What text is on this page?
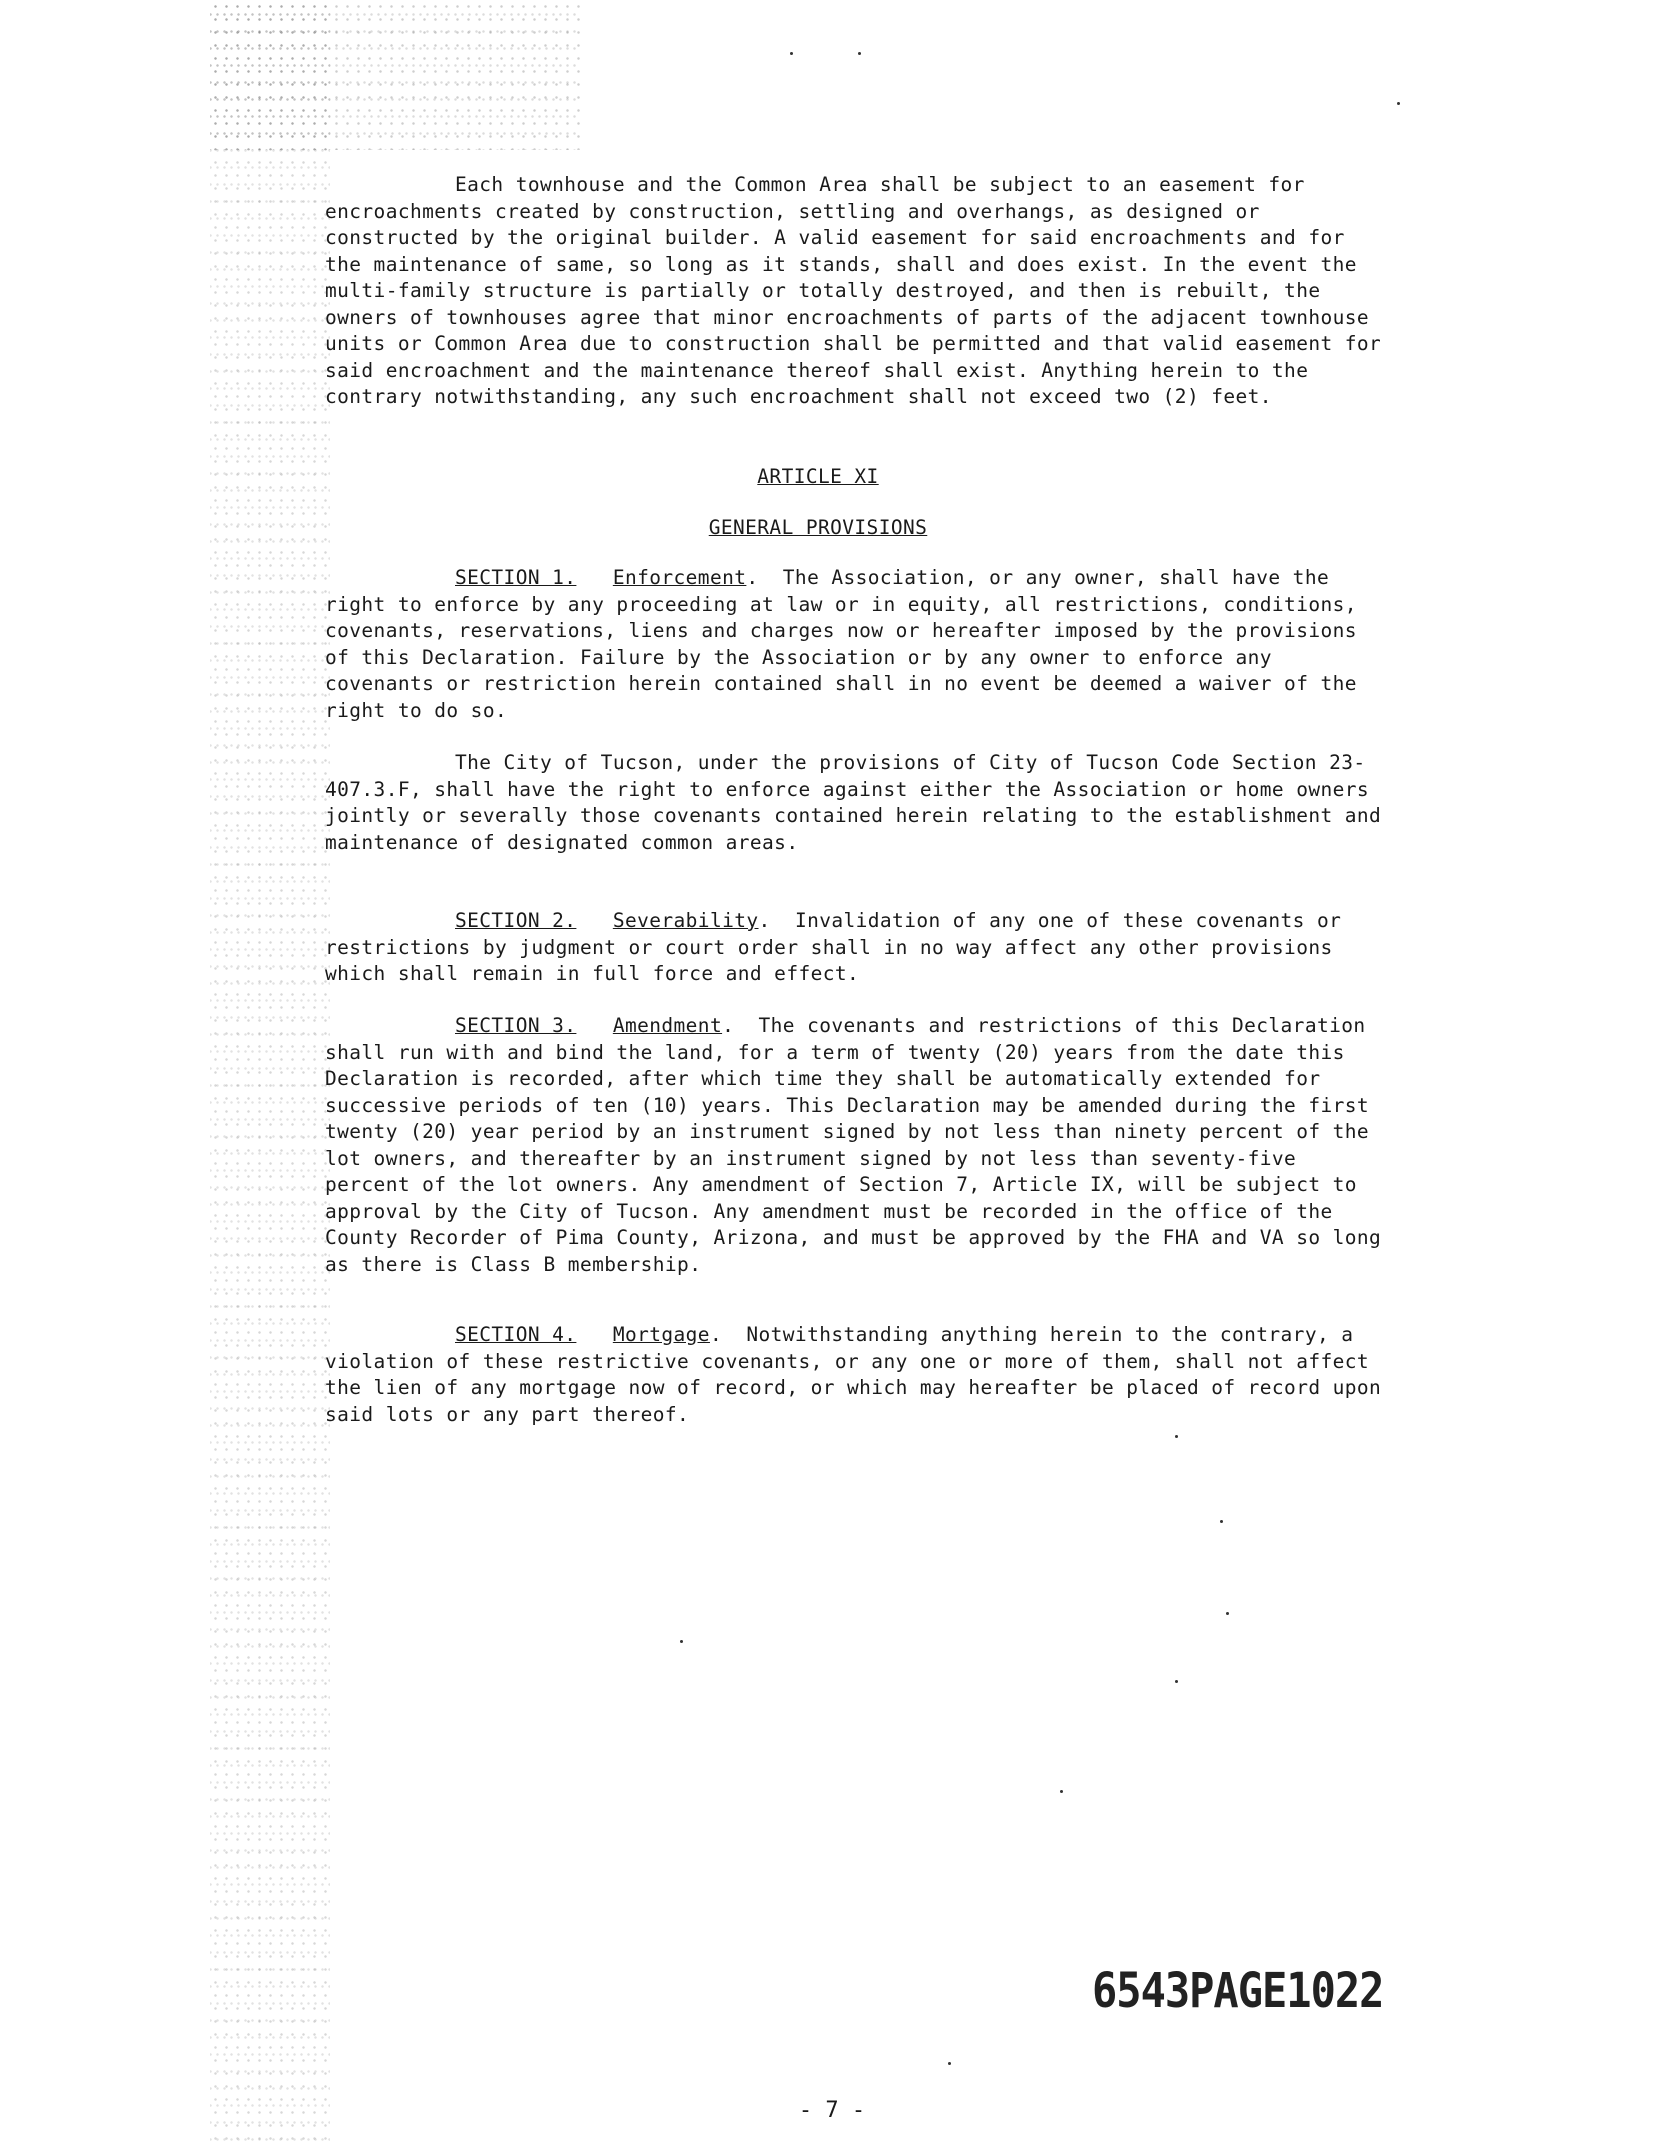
Each townhouse and the Common Area shall be subject to an easement for encroachments created by construction, settling and overhangs, as designed or constructed by the original builder. A valid easement for said encroachments and for the maintenance of same, so long as it stands, shall and does exist. In the event the multi-family structure is partially or totally destroyed, and then is rebuilt, the owners of townhouses agree that minor encroachments of parts of the adjacent townhouse units or Common Area due to construction shall be permitted and that valid easement for said encroachment and the maintenance thereof shall exist. Anything herein to the contrary notwithstanding, any such encroachment shall not exceed two (2) feet.

ARTICLE XI

GENERAL PROVISIONS

SECTION 1. Enforcement.  The Association, or any owner, shall have the right to enforce by any proceeding at law or in equity, all restrictions, conditions, covenants, reservations, liens and charges now or hereafter imposed by the provisions of this Declaration. Failure by the Association or by any owner to enforce any covenants or restriction herein contained shall in no event be deemed a waiver of the right to do so.

The City of Tucson, under the provisions of City of Tucson Code Section 23-407.3.F, shall have the right to enforce against either the Association or home owners jointly or severally those covenants contained herein relating to the establishment and maintenance of designated common areas.

SECTION 2. Severability.  Invalidation of any one of these covenants or restrictions by judgment or court order shall in no way affect any other provisions which shall remain in full force and effect.

SECTION 3. Amendment.  The covenants and restrictions of this Declaration shall run with and bind the land, for a term of twenty (20) years from the date this Declaration is recorded, after which time they shall be automatically extended for successive periods of ten (10) years. This Declaration may be amended during the first twenty (20) year period by an instrument signed by not less than ninety percent of the lot owners, and thereafter by an instrument signed by not less than seventy-five percent of the lot owners. Any amendment of Section 7, Article IX, will be subject to approval by the City of Tucson. Any amendment must be recorded in the office of the County Recorder of Pima County, Arizona, and must be approved by the FHA and VA so long as there is Class B membership.

SECTION 4. Mortgage.  Notwithstanding anything herein to the contrary, a violation of these restrictive covenants, or any one or more of them, shall not affect the lien of any mortgage now of record, or which may hereafter be placed of record upon said lots or any part thereof.

6543PAGE1022

- 7 -
